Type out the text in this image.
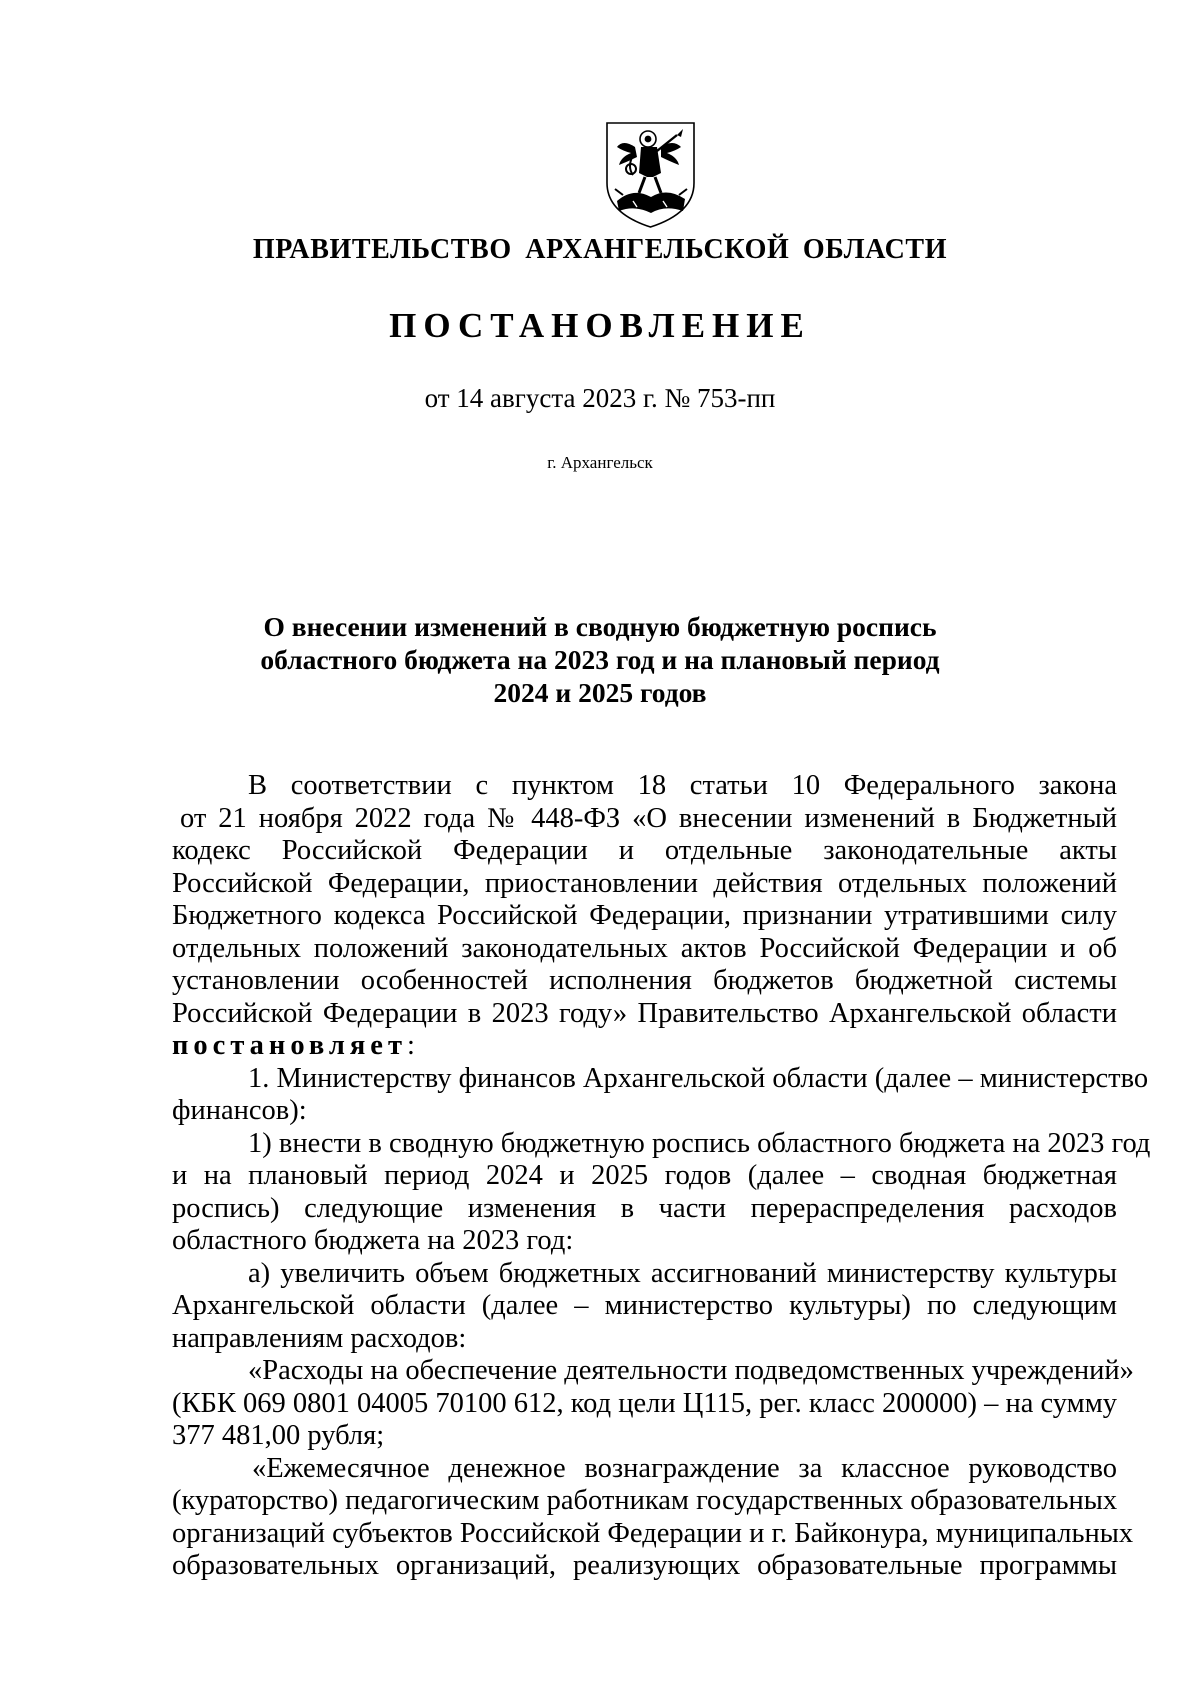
ПРАВИТЕЛЬСТВО АРХАНГЕЛЬСКОЙ ОБЛАСТИ
ПОСТАНОВЛЕНИЕ
от 14 августа 2023 г. № 753-пп
г. Архангельск
О внесении изменений в сводную бюджетную роспись
областного бюджета на 2023 год и на плановый период
2024 и 2025 годов
В соответствии с пунктом 18 статьи 10 Федерального закона
от 21 ноября 2022 года № 448-ФЗ «О внесении изменений в Бюджетный
кодекс Российской Федерации и отдельные законодательные акты
Российской Федерации, приостановлении действия отдельных положений
Бюджетного кодекса Российской Федерации, признании утратившими силу
отдельных положений законодательных актов Российской Федерации и об
установлении особенностей исполнения бюджетов бюджетной системы
Российской Федерации в 2023 году» Правительство Архангельской области
постановляет:
1. Министерству финансов Архангельской области (далее – министерство
финансов):
1) внести в сводную бюджетную роспись областного бюджета на 2023 год
и на плановый период 2024 и 2025 годов (далее – сводная бюджетная
роспись) следующие изменения в части перераспределения расходов
областного бюджета на 2023 год:
а) увеличить объем бюджетных ассигнований министерству культуры
Архангельской области (далее – министерство культуры) по следующим
направлениям расходов:
«Расходы на обеспечение деятельности подведомственных учреждений»
(КБК 069 0801 04005 70100 612, код цели Ц115, рег. класс 200000) – на сумму
377 481,00 рубля;
«Ежемесячное денежное вознаграждение за классное руководство
(кураторство) педагогическим работникам государственных образовательных
организаций субъектов Российской Федерации и г. Байконура, муниципальных
образовательных организаций, реализующих образовательные программы
